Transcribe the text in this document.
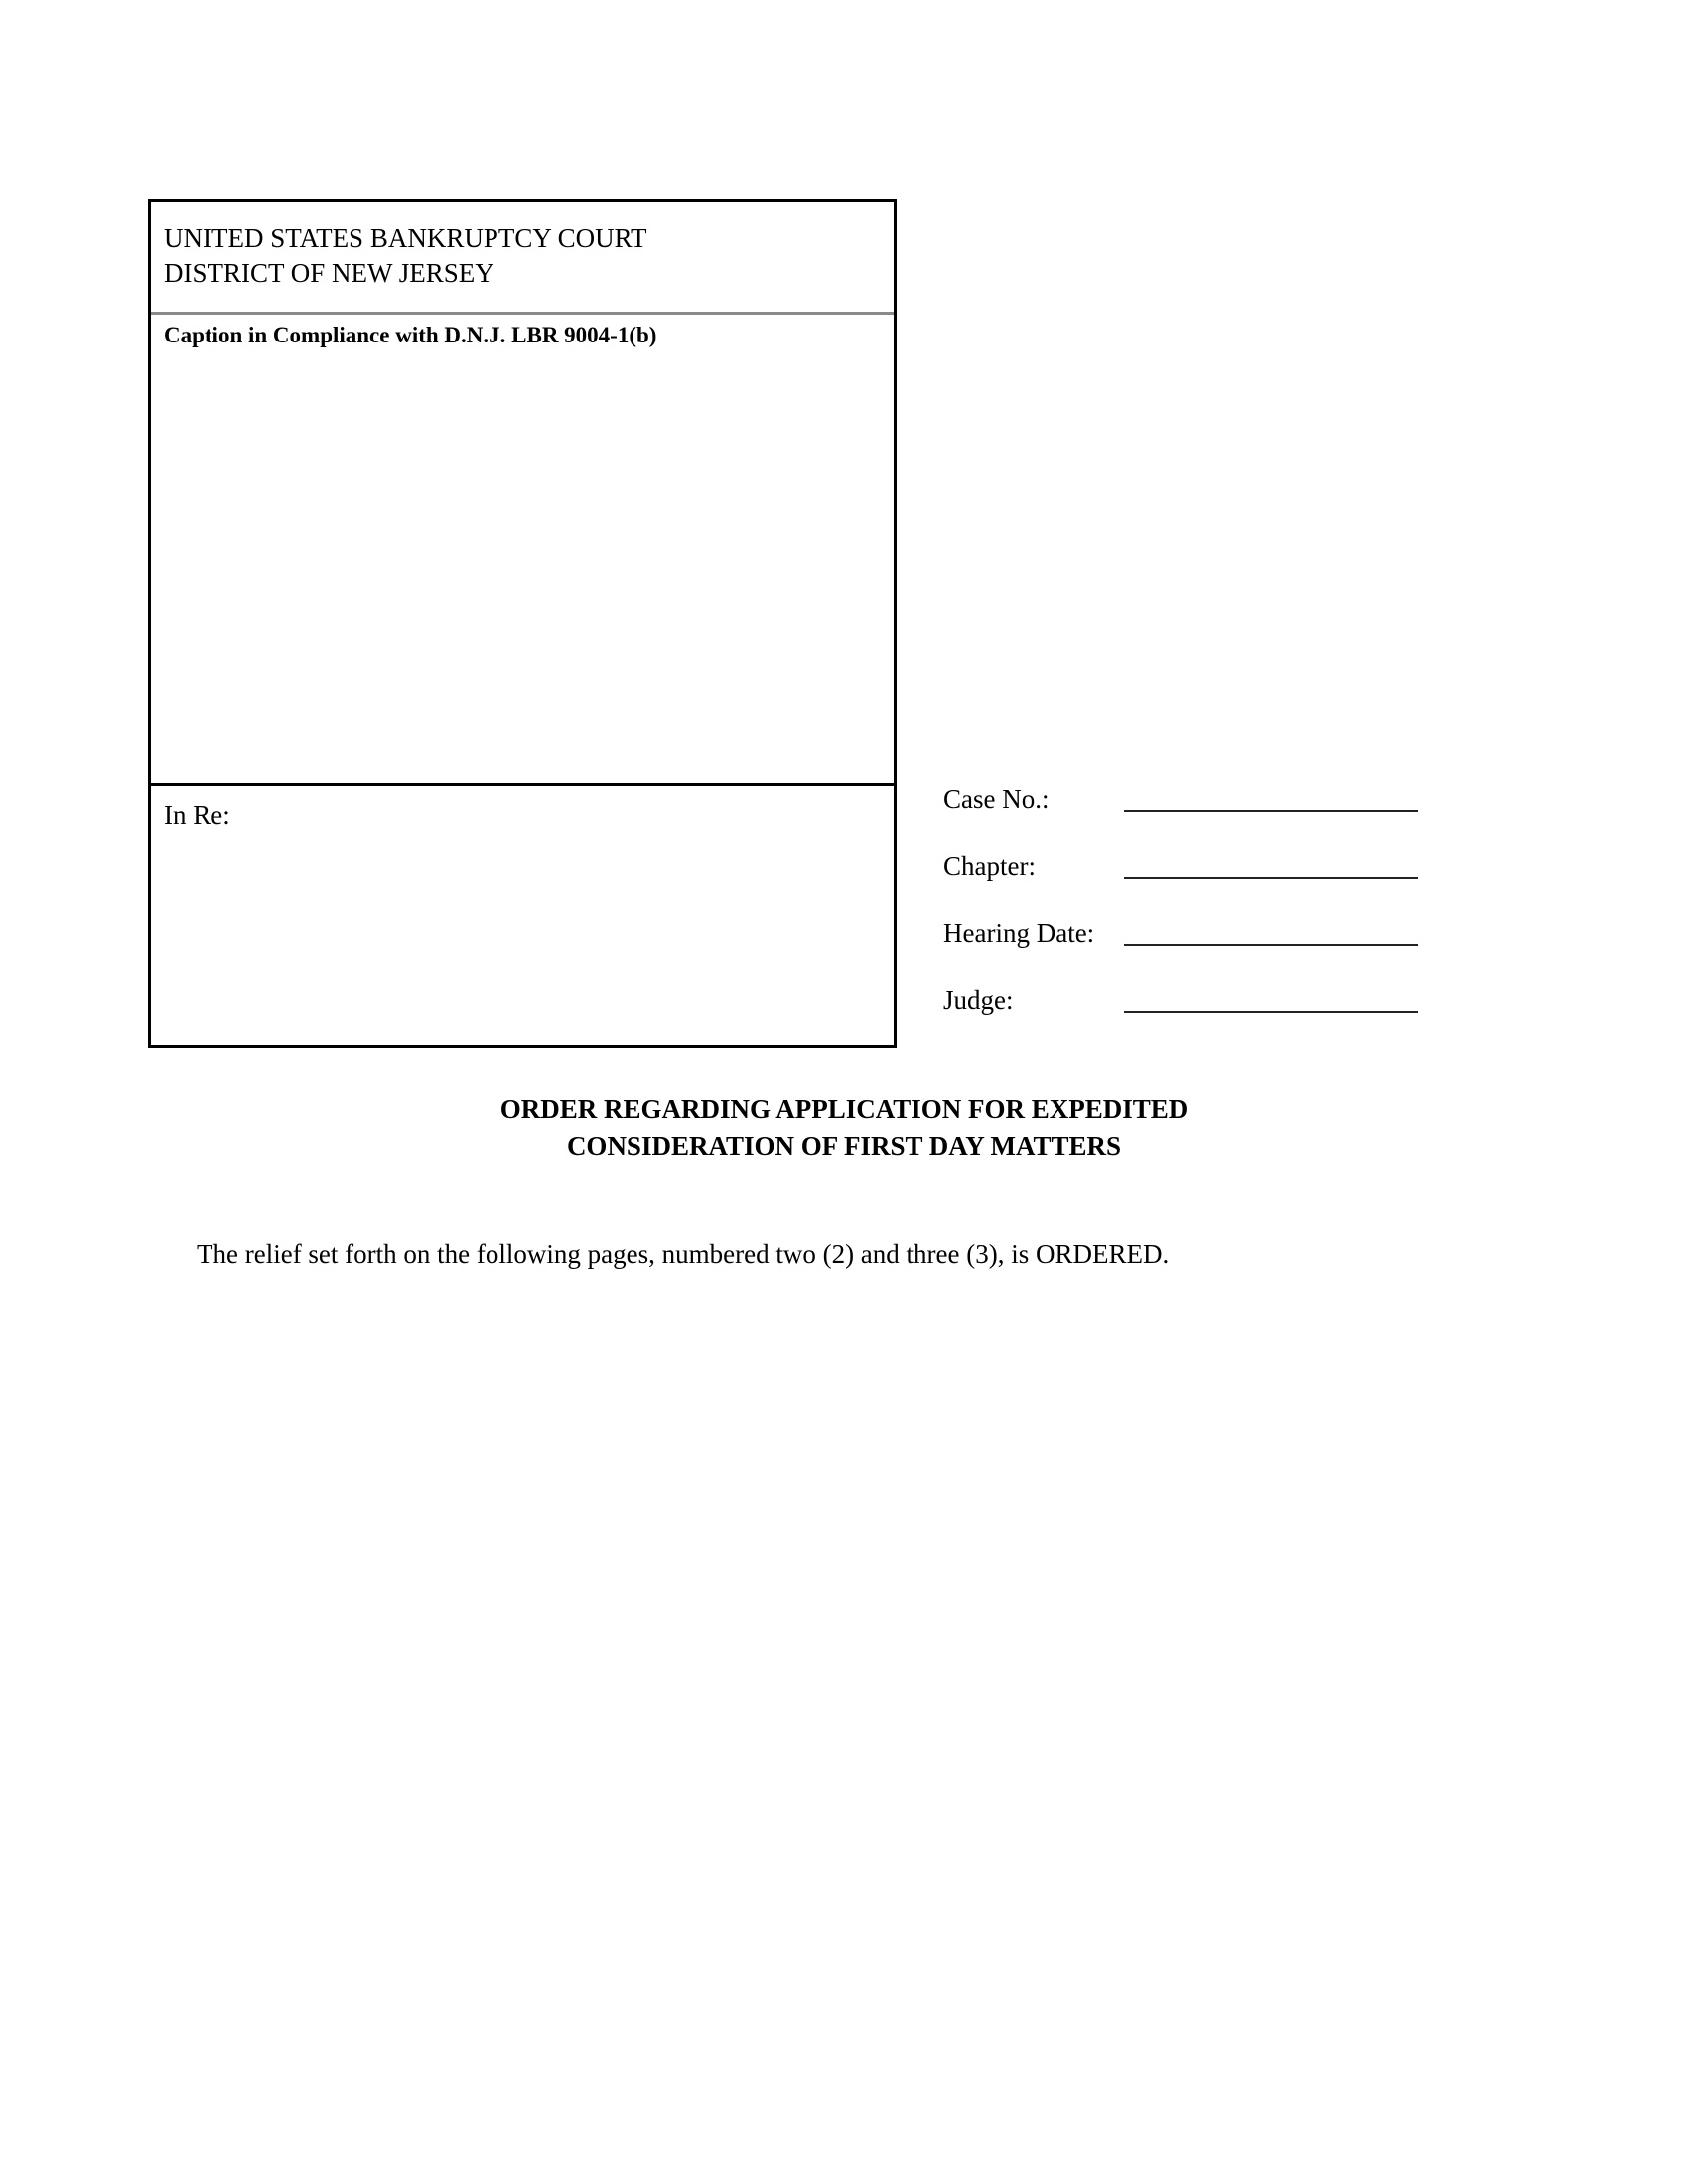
UNITED STATES BANKRUPTCY COURT
DISTRICT OF NEW JERSEY
Caption in Compliance with D.N.J. LBR 9004-1(b)
In Re:
Case No.:
Chapter:
Hearing Date:
Judge:
ORDER REGARDING APPLICATION FOR EXPEDITED
CONSIDERATION OF FIRST DAY MATTERS
The relief set forth on the following pages, numbered two (2) and three (3), is ORDERED.
